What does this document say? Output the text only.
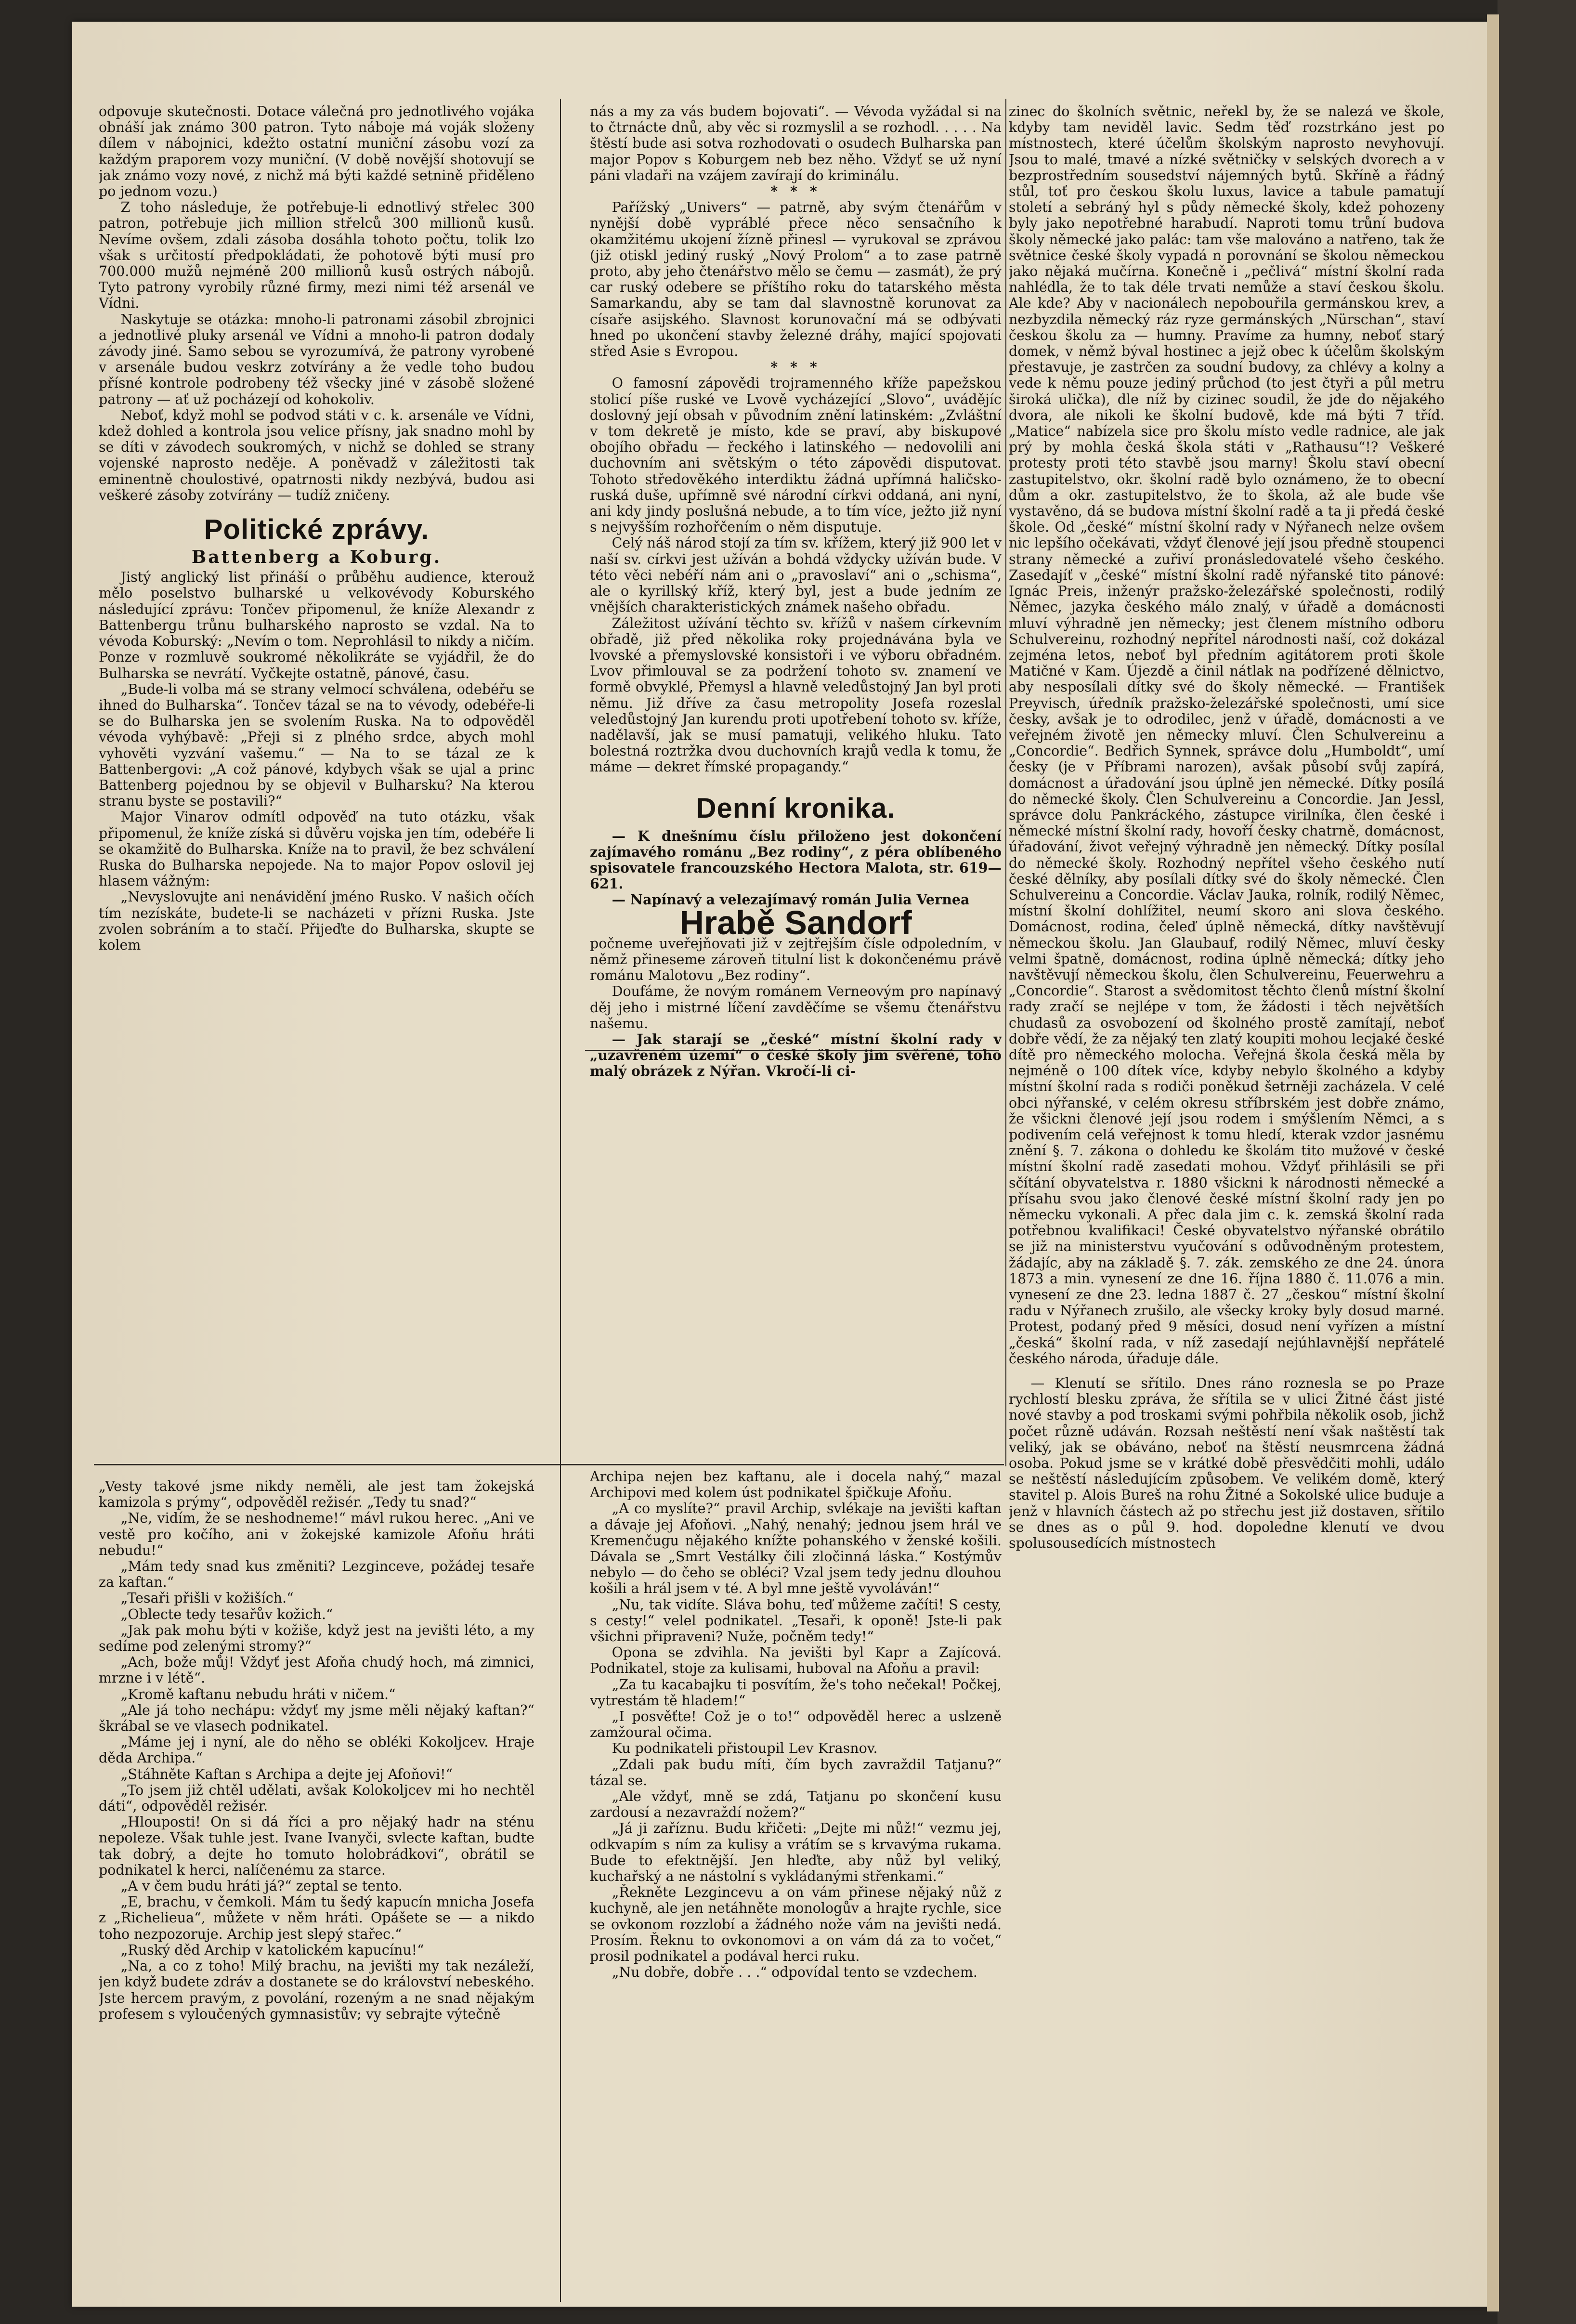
odpovuje skutečnosti. Dotace válečná pro jednotlivého vojáka obnáší jak známo 300 patron. Tyto náboje má voják složeny dílem v nábojnici, kdežto ostatní muniční zásobu vozí za každým praporem vozy muniční. (V době novější shotovují se jak známo vozy nové, z nichž má býti každé setnině přiděleno po jednom vozu.)

Z toho následuje, že potřebuje-li ednotlivý střelec 300 patron, potřebuje jich million střelců 300 millionů kusů. Nevíme ovšem, zdali zásoba dosáhla tohoto počtu, tolik lzo však s určitostí předpokládati, že pohotově býti musí pro 700.000 mužů nejméně 200 millionů kusů ostrých nábojů. Tyto patrony vyrobily různé firmy, mezi nimi též arsenál ve Vídni.

Naskytuje se otázka: mnoho-li patronami zásobil zbrojnici a jednotlivé pluky arsenál ve Vídni a mnoho-li patron dodaly závody jiné. Samo sebou se vyrozumívá, že patrony vyrobené v arsenále budou veskrz zotvírány a že vedle toho budou přísné kontrole podrobeny též všecky jiné v zásobě složené patrony — ať už pocházejí od kohokoliv.

Neboť, když mohl se podvod státi v c. k. arsenále ve Vídni, kdež dohled a kontrola jsou velice přísny, jak snadno mohl by se díti v závodech soukromých, v nichž se dohled se strany vojenské naprosto neděje. A poněvadž v záležitosti tak eminentně choulostivé, opatrnosti nikdy nezbývá, budou asi veškeré zásoby zotvírány — tudíž zničeny.

Politické zprávy.
Battenberg a Koburg.

Jistý anglický list přináší o průběhu audience, kterouž mělo poselstvo bulharské u velkovévody Koburského následující zprávu: Tončev připomenul, že kníže Alexandr z Battenbergu trůnu bulharského naprosto se vzdal. Na to vévoda Koburský: „Nevím o tom. Neprohlásil to nikdy a ničím. Ponze v rozmluvě soukromé několikráte se vyjádřil, že do Bulharska se nevrátí. Vyčkejte ostatně, pánové, času.

„Bude-li volba má se strany velmocí schválena, odebéřu se ihned do Bulharska“. Tončev tázal se na to vévody, odebéře-li se do Bulharska jen se svolením Ruska. Na to odpověděl vévoda vyhýbavě: „Přeji si z plného srdce, abych mohl vyhověti vyzvání vašemu.“ — Na to se tázal ze k Battenbergovi: „A což pánové, kdybych však se ujal a princ Battenberg pojednou by se objevil v Bulharsku? Na kterou stranu byste se postavili?“

Major Vinarov odmítl odpověď na tuto otázku, však připomenul, že kníže získá si důvěru vojska jen tím, odebéře li se okamžitě do Bulharska. Kníže na to pravil, že bez schválení Ruska do Bulharska nepojede. Na to major Popov oslovil jej hlasem vážným:

„Nevyslovujte ani nenávidění jméno Rusko. V našich očích tím nezískáte, budete-li se nacházeti v přízni Ruska. Jste zvolen sobráním a to stačí. Přijeďte do Bulharska, skupte se kolem

nás a my za vás budem bojovati“. — Vévoda vyžádal si na to čtrnácte dnů, aby věc si rozmyslil a se rozhodl. . . . . Na štěstí bude asi sotva rozhodovati o osudech Bulharska pan major Popov s Koburgem neb bez něho. Vždyť se už nyní páni vladaři na vzájem zavírají do kriminálu.

* * *

Pařížský „Univers“ — patrně, aby svým čtenářům v nynější době vypráblé přece něco sensačního k okamžitému ukojení žízně přinesl — vyrukoval se zprávou (již otiskl jediný ruský „Nový Prolom“ a to zase patrně proto, aby jeho čtenářstvo mělo se čemu — zasmát), že prý car ruský odebere se příštího roku do tatarského města Samarkandu, aby se tam dal slavnostně korunovat za císaře asijského. Slavnost korunovační má se odbývati hned po ukončení stavby železné dráhy, mající spojovati střed Asie s Evropou.

* * *

O famosní zápovědi trojramenného kříže papežskou stolicí píše ruské ve Lvově vycházející „Slovo“, uvádějíc doslovný její obsah v původním znění latinském: „Zvláštní v tom dekretě je místo, kde se praví, aby biskupové obojího obřadu — řeckého i latinského — nedovolili ani duchovním ani světským o této zápovědi disputovat. Tohoto středověkého interdiktu žádná upřímná haličsko-ruská duše, upřímně své národní církvi oddaná, ani nyní, ani kdy jindy poslušná nebude, a to tím více, ježto již nyní s nejvyšším rozhořčením o něm disputuje.

Celý náš národ stojí za tím sv. křížem, který již 900 let v naší sv. církvi jest užíván a bohdá vždycky užíván bude. V této věci nebéří nám ani o „pravoslaví“ ani o „schisma“, ale o kyrillský kříž, který byl, jest a bude jedním ze vnějších charakteristických známek našeho obřadu.

Záležitost užívání těchto sv. křížů v našem církevním obřadě, již před několika roky projednávána byla ve lvovské a přemyslovské konsistoři i ve výboru obřadném. Lvov přimlouval se za podržení tohoto sv. znamení ve formě obvyklé, Přemysl a hlavně veledůstojný Jan byl proti němu. Již dříve za času metropolity Josefa rozeslal veledůstojný Jan kurendu proti upotřebení tohoto sv. kříže, nadělavší, jak se musí pamatuji, velikého hluku. Tato bolestná roztržka dvou duchovních krajů vedla k tomu, že máme — dekret římské propagandy.“

Denní kronika.

— K dnešnímu číslu přiloženo jest dokončení zajímavého románu „Bez rodiny“, z péra oblíbeného spisovatele francouzského Hectora Malota, str. 619—621.

— Napínavý a velezajímavý román Julia Vernea

Hrabě Sandorf

počneme uveřejňovati již v zejtřejším čísle odpoledním, v němž přineseme zároveň titulní list k dokončenému právě románu Malotovu „Bez rodiny“.

Doufáme, že novým románem Verneovým pro napínavý děj jeho i mistrné líčení zavděčíme se všemu čtenářstvu našemu.

— Jak starají se „české“ místní školní rady v „uzavřeném území“ o české školy jim svěřené, toho malý obrázek z Nýřan. Vkročí-li ci-

zinec do školních světnic, neřekl by, že se nalezá ve škole, kdyby tam neviděl lavic. Sedm těď rozstrkáno jest po místnostech, které účelům školským naprosto nevyhovují. Jsou to malé, tmavé a nízké světničky v selských dvorech a v bezprostředním sousedství nájemných bytů. Skříně a řádný stůl, toť pro českou školu luxus, lavice a tabule pamatují století a sebráný hyl s půdy německé školy, kdež pohozeny byly jako nepotřebné harabudí. Naproti tomu trůní budova školy německé jako palác: tam vše malováno a natřeno, tak že světnice české školy vypadá n porovnání se školou německou jako nějaká mučírna. Konečně i „pečlivá“ místní školní rada nahlédla, že to tak déle trvati nemůže a staví českou školu. Ale kde? Aby v nacionálech nepobouřila germánskou krev, a nezbyzdila německý ráz ryze germánských „Nürschan“, staví českou školu za — humny. Pravíme za humny, neboť starý domek, v němž býval hostinec a jejž obec k účelům školským přestavuje, je zastrčen za soudní budovy, za chlévy a kolny a vede k němu pouze jediný průchod (to jest čtyři a půl metru široká ulička), dle níž by cizinec soudil, že jde do nějakého dvora, ale nikoli ke školní budově, kde má býti 7 tříd. „Matice“ nabízela sice pro školu místo vedle radnice, ale jak prý by mohla česká škola státi v „Rathausu“!? Veškeré protesty proti této stavbě jsou marny! Školu staví obecní zastupitelstvo, okr. školní radě bylo oznámeno, že to obecní dům a okr. zastupitelstvo, že to škola, až ale bude vše vystavěno, dá se budova místní školní radě a ta ji předá české škole. Od „české“ místní školní rady v Nýřanech nelze ovšem nic lepšího očekávati, vždyť členové její jsou předně stoupenci strany německé a zuřiví pronásledovatelé všeho českého. Zasedajíť v „české“ místní školní radě nýřanské tito pánové: Ignác Preis, inženýr pražsko-železářské společnosti, rodilý Němec, jazyka českého málo znalý, v úřadě a domácnosti mluví výhradně jen německy; jest členem místního odboru Schulvereinu, rozhodný nepřítel národnosti naší, což dokázal zejména letos, neboť byl předním agitátorem proti škole Matičné v Kam. Újezdě a činil nátlak na podřízené dělnictvo, aby nesposílali dítky své do školy německé. — František Preyvisch, úředník pražsko-železářské společnosti, umí sice česky, avšak je to odrodilec, jenž v úřadě, domácnosti a ve veřejném životě jen německy mluví. Člen Schulvereinu a „Concordie“. Bedřich Synnek, správce dolu „Humboldt“, umí česky (je v Příbrami narozen), avšak působí svůj zapírá, domácnost a úřadování jsou úplně jen německé. Dítky posílá do německé školy. Člen Schulvereinu a Concordie. Jan Jessl, správce dolu Pankráckého, zástupce virilníka, člen české i německé místní školní rady, hovoří česky chatrně, domácnost, úřadování, život veřejný výhradně jen německý. Dítky posílal do německé školy. Rozhodný nepřítel všeho českého nutí české dělníky, aby posílali dítky své do školy německé. Člen Schulvereinu a Concordie. Václav Jauka, rolník, rodilý Němec, místní školní dohlížitel, neumí skoro ani slova českého. Domácnost, rodina, čeleď úplně německá, dítky navštěvují německou školu. Jan Glaubauf, rodilý Němec, mluví česky velmi špatně, domácnost, rodina úplně německá; dítky jeho navštěvují německou školu, člen Schulvereinu, Feuerwehru a „Concordie“. Starost a svědomitost těchto členů místní školní rady zračí se nejlépe v tom, že žádosti i těch největších chudasů za osvobození od školného prostě zamítají, neboť dobře vědí, že za nějaký ten zlatý koupiti mohou lecjaké české dítě pro německého molocha. Veřejná škola česká měla by nejméně o 100 dítek více, kdyby nebylo školného a kdyby místní školní rada s rodiči poněkud šetrněji zacházela. V celé obci nýřanské, v celém okresu stříbrském jest dobře známo, že všickni členové její jsou rodem i smýšlením Němci, a s podivením celá veřejnost k tomu hledí, kterak vzdor jasnému znění §. 7. zákona o dohledu ke školám tito mužové v české místní školní radě zasedati mohou. Vždyť přihlásili se při sčítání obyvatelstva r. 1880 všickni k národnosti německé a přísahu svou jako členové české místní školní rady jen po německu vykonali. A přec dala jim c. k. zemská školní rada potřebnou kvalifikaci! České obyvatelstvo nýřanské obrátilo se již na ministerstvu vyučování s odůvodněným protestem, žádajíc, aby na základě §. 7. zák. zemského ze dne 24. února 1873 a min. vynesení ze dne 16. října 1880 č. 11.076 a min. vynesení ze dne 23. ledna 1887 č. 27 „českou“ místní školní radu v Nýřanech zrušilo, ale všecky kroky byly dosud marné. Protest, podaný před 9 měsíci, dosud není vyřízen a místní „česká“ školní rada, v níž zasedají nejúhlavnější nepřátelé českého národa, úřaduje dále.

— Klenutí se sřítilo. Dnes ráno roznesla se po Praze rychlostí blesku zpráva, že sřítila se v ulici Žitné část jisté nové stavby a pod troskami svými pohřbila několik osob, jichž počet různě udáván. Rozsah neštěstí není však naštěstí tak veliký, jak se obáváno, neboť na štěstí neusmrcena žádná osoba. Pokud jsme se v krátké době přesvědčiti mohli, událo se neštěstí následujícím způsobem. Ve velikém domě, který stavitel p. Alois Bureš na rohu Žitné a Sokolské ulice buduje a jenž v hlavních částech až po střechu jest již dostaven, sřítilo se dnes as o půl 9. hod. dopoledne klenutí ve dvou spolusousedících místnostech

„Vesty takové jsme nikdy neměli, ale jest tam žokejská kamizola s prýmy“, odpověděl režisér. „Tedy tu snad?“

„Ne, vidím, že se neshodneme!“ mávl rukou herec. „Ani ve vestě pro kočího, ani v žokejské kamizole Afoňu hráti nebudu!“

„Mám tedy snad kus změniti? Lezginceve, požádej tesaře za kaftan.“

„Tesaři přišli v kožiších.“

„Oblecte tedy tesařův kožich.“

„Jak pak mohu býti v kožiše, když jest na jevišti léto, a my sedíme pod zelenými stromy?“

„Ach, bože můj! Vždyť jest Afoňa chudý hoch, má zimnici, mrzne i v létě“.

„Kromě kaftanu nebudu hráti v ničem.“

„Ale já toho nechápu: vždyť my jsme měli nějaký kaftan?“ škrábal se ve vlasech podnikatel.

„Máme jej i nyní, ale do něho se obléki Kokoljcev. Hraje děda Archipa.“

„Stáhněte Kaftan s Archipa a dejte jej Afoňovi!“

„To jsem již chtěl udělati, avšak Kolokoljcev mi ho nechtěl dáti“, odpověděl režisér.

„Hlouposti! On si dá říci a pro nějaký hadr na sténu nepoleze. Však tuhle jest. Ivane Ivanyči, svlecte kaftan, budte tak dobrý, a dejte ho tomuto holobrádkovi“, obrátil se podnikatel k herci, nalíčenému za starce.

„A v čem budu hráti já?“ zeptal se tento.

„E, brachu, v čemkoli. Mám tu šedý kapucín mnicha Josefa z „Richelieua“, můžete v něm hráti. Opášete se — a nikdo toho nezpozoruje. Archip jest slepý stařec.“

„Ruský děd Archip v katolickém kapucínu!“

„Na, a co z toho! Milý brachu, na jevišti my tak nezáleží, jen když budete zdráv a dostanete se do království nebeského. Jste hercem pravým, z povolání, rozeným a ne snad nějakým profesem s vyloučených gymnasistův; vy sebrajte výtečně

Archipa nejen bez kaftanu, ale i docela nahý,“ mazal Archipovi med kolem úst podnikatel špičkuje Afoňu.

„A co myslíte?“ pravil Archip, svlékaje na jevišti kaftan a dávaje jej Afoňovi. „Nahý, nenahý; jednou jsem hrál ve Kremenčugu nějakého knížte pohanského v ženské košili. Dávala se „Smrt Vestálky čili zločinná láska.“ Kostýmův nebylo — do čeho se obléci? Vzal jsem tedy jednu dlouhou košili a hrál jsem v té. A byl mne ještě vyvoláván!“

„Nu, tak vidíte. Sláva bohu, teď můžeme začíti! S cesty, s cesty!“ velel podnikatel. „Tesaři, k oponě! Jste-li pak všichni připraveni? Nuže, počněm tedy!“

Opona se zdvihla. Na jevišti byl Kapr a Zajícová. Podnikatel, stoje za kulisami, huboval na Afoňu a pravil:

„Za tu kacabajku ti posvítím, že's toho nečekal! Počkej, vytrestám tě hladem!“

„I posvěťte! Což je o to!“ odpověděl herec a uslzeně zamžoural očima.

Ku podnikateli přistoupil Lev Krasnov.

„Zdali pak budu míti, čím bych zavraždil Tatjanu?“ tázal se.

„Ale vždyť, mně se zdá, Tatjanu po skončení kusu zardousí a nezavraždí nožem?“

„Já ji zaříznu. Budu křičeti: „Dejte mi nůž!“ vezmu jej, odkvapím s ním za kulisy a vrátím se s krvavýma rukama. Bude to efektnější. Jen hleďte, aby nůž byl veliký, kuchařský a ne nástolní s vykládanými střenkami.“

„Řekněte Lezgincevu a on vám přinese nějaký nůž z kuchyně, ale jen netáhněte monologův a hrajte rychle, sice se ovkonom rozzlobí a žádného nože vám na jevišti nedá. Prosím. Řeknu to ovkonomovi a on vám dá za to vočet,“ prosil podnikatel a podával herci ruku.

„Nu dobře, dobře . . .“ odpovídal tento se vzdechem.
